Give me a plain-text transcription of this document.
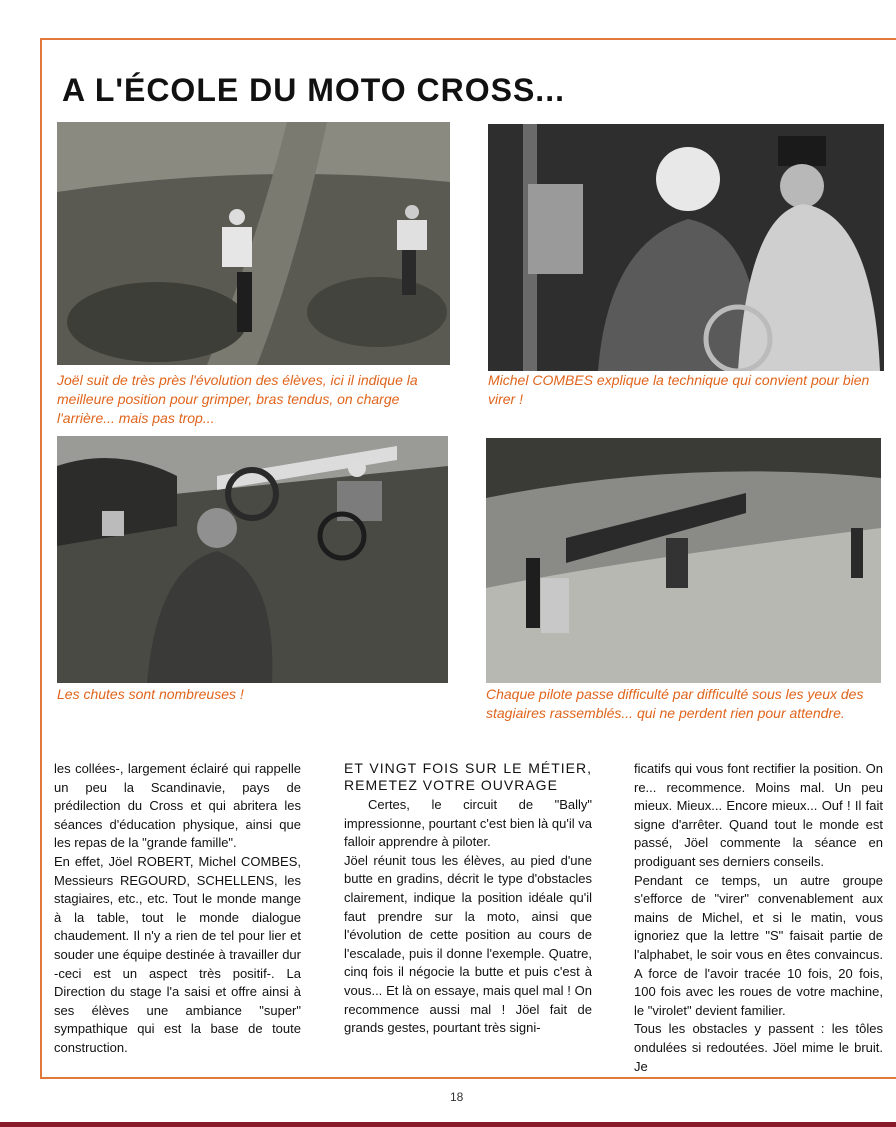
A L'ÉCOLE DU MOTO CROSS...
Joël suit de très près l'évolution des élèves, ici il indique la meilleure position pour grimper, bras tendus, on charge l'arrière... mais pas trop...
Michel COMBES explique la technique qui convient pour bien virer !
Les chutes sont nombreuses !	Chaque pilote passe difficulté par difficulté sous les yeux des stagiaires rassemblés... qui ne perdent rien pour attendre.

les collées-, largement éclairé qui rappelle un peu la Scandinavie, pays de prédilection du Cross et qui abritera les séances d'éducation physique, ainsi que les repas de la "grande famille".

En effet, Jöel ROBERT, Michel COMBES, Messieurs REGOURD, SCHELLENS, les stagiaires, etc., etc. Tout le monde mange à la table, tout le monde dialogue chaudement. Il n'y a rien de tel pour lier et souder une équipe destinée à travailler dur -ceci est un aspect très positif-. La Direction du stage l'a saisi et offre ainsi à ses élèves une ambiance "super" sympathique qui est la base de toute construction.

ET VINGT FOIS SUR LE MÉTIER, REMETEZ VOTRE OUVRAGE

Certes, le circuit de "Bally" impressionne, pourtant c'est bien là qu'il va falloir apprendre à piloter.

Jöel réunit tous les élèves, au pied d'une butte en gradins, décrit le type d'obstacles clairement, indique la position idéale qu'il faut prendre sur la moto, ainsi que l'évolution de cette position au cours de l'escalade, puis il donne l'exemple. Quatre, cinq fois il négocie la butte et puis c'est à vous... Et là on essaye, mais quel mal ! On recommence aussi mal ! Jöel fait de grands gestes, pourtant très signi-

ficatifs qui vous font rectifier la position. On re... recommence. Moins mal. Un peu mieux. Mieux... Encore mieux... Ouf ! Il fait signe d'arrêter. Quand tout le monde est passé, Jöel commente la séance en prodiguant ses derniers conseils.

Pendant ce temps, un autre groupe s'efforce de "virer" convenablement aux mains de Michel, et si le matin, vous ignoriez que la lettre "S" faisait partie de l'alphabet, le soir vous en êtes convaincus. A force de l'avoir tracée 10 fois, 20 fois, 100 fois avec les roues de votre machine, le "virolet" devient familier.

Tous les obstacles y passent : les tôles ondulées si redoutées. Jöel mime le bruit. Je

18
